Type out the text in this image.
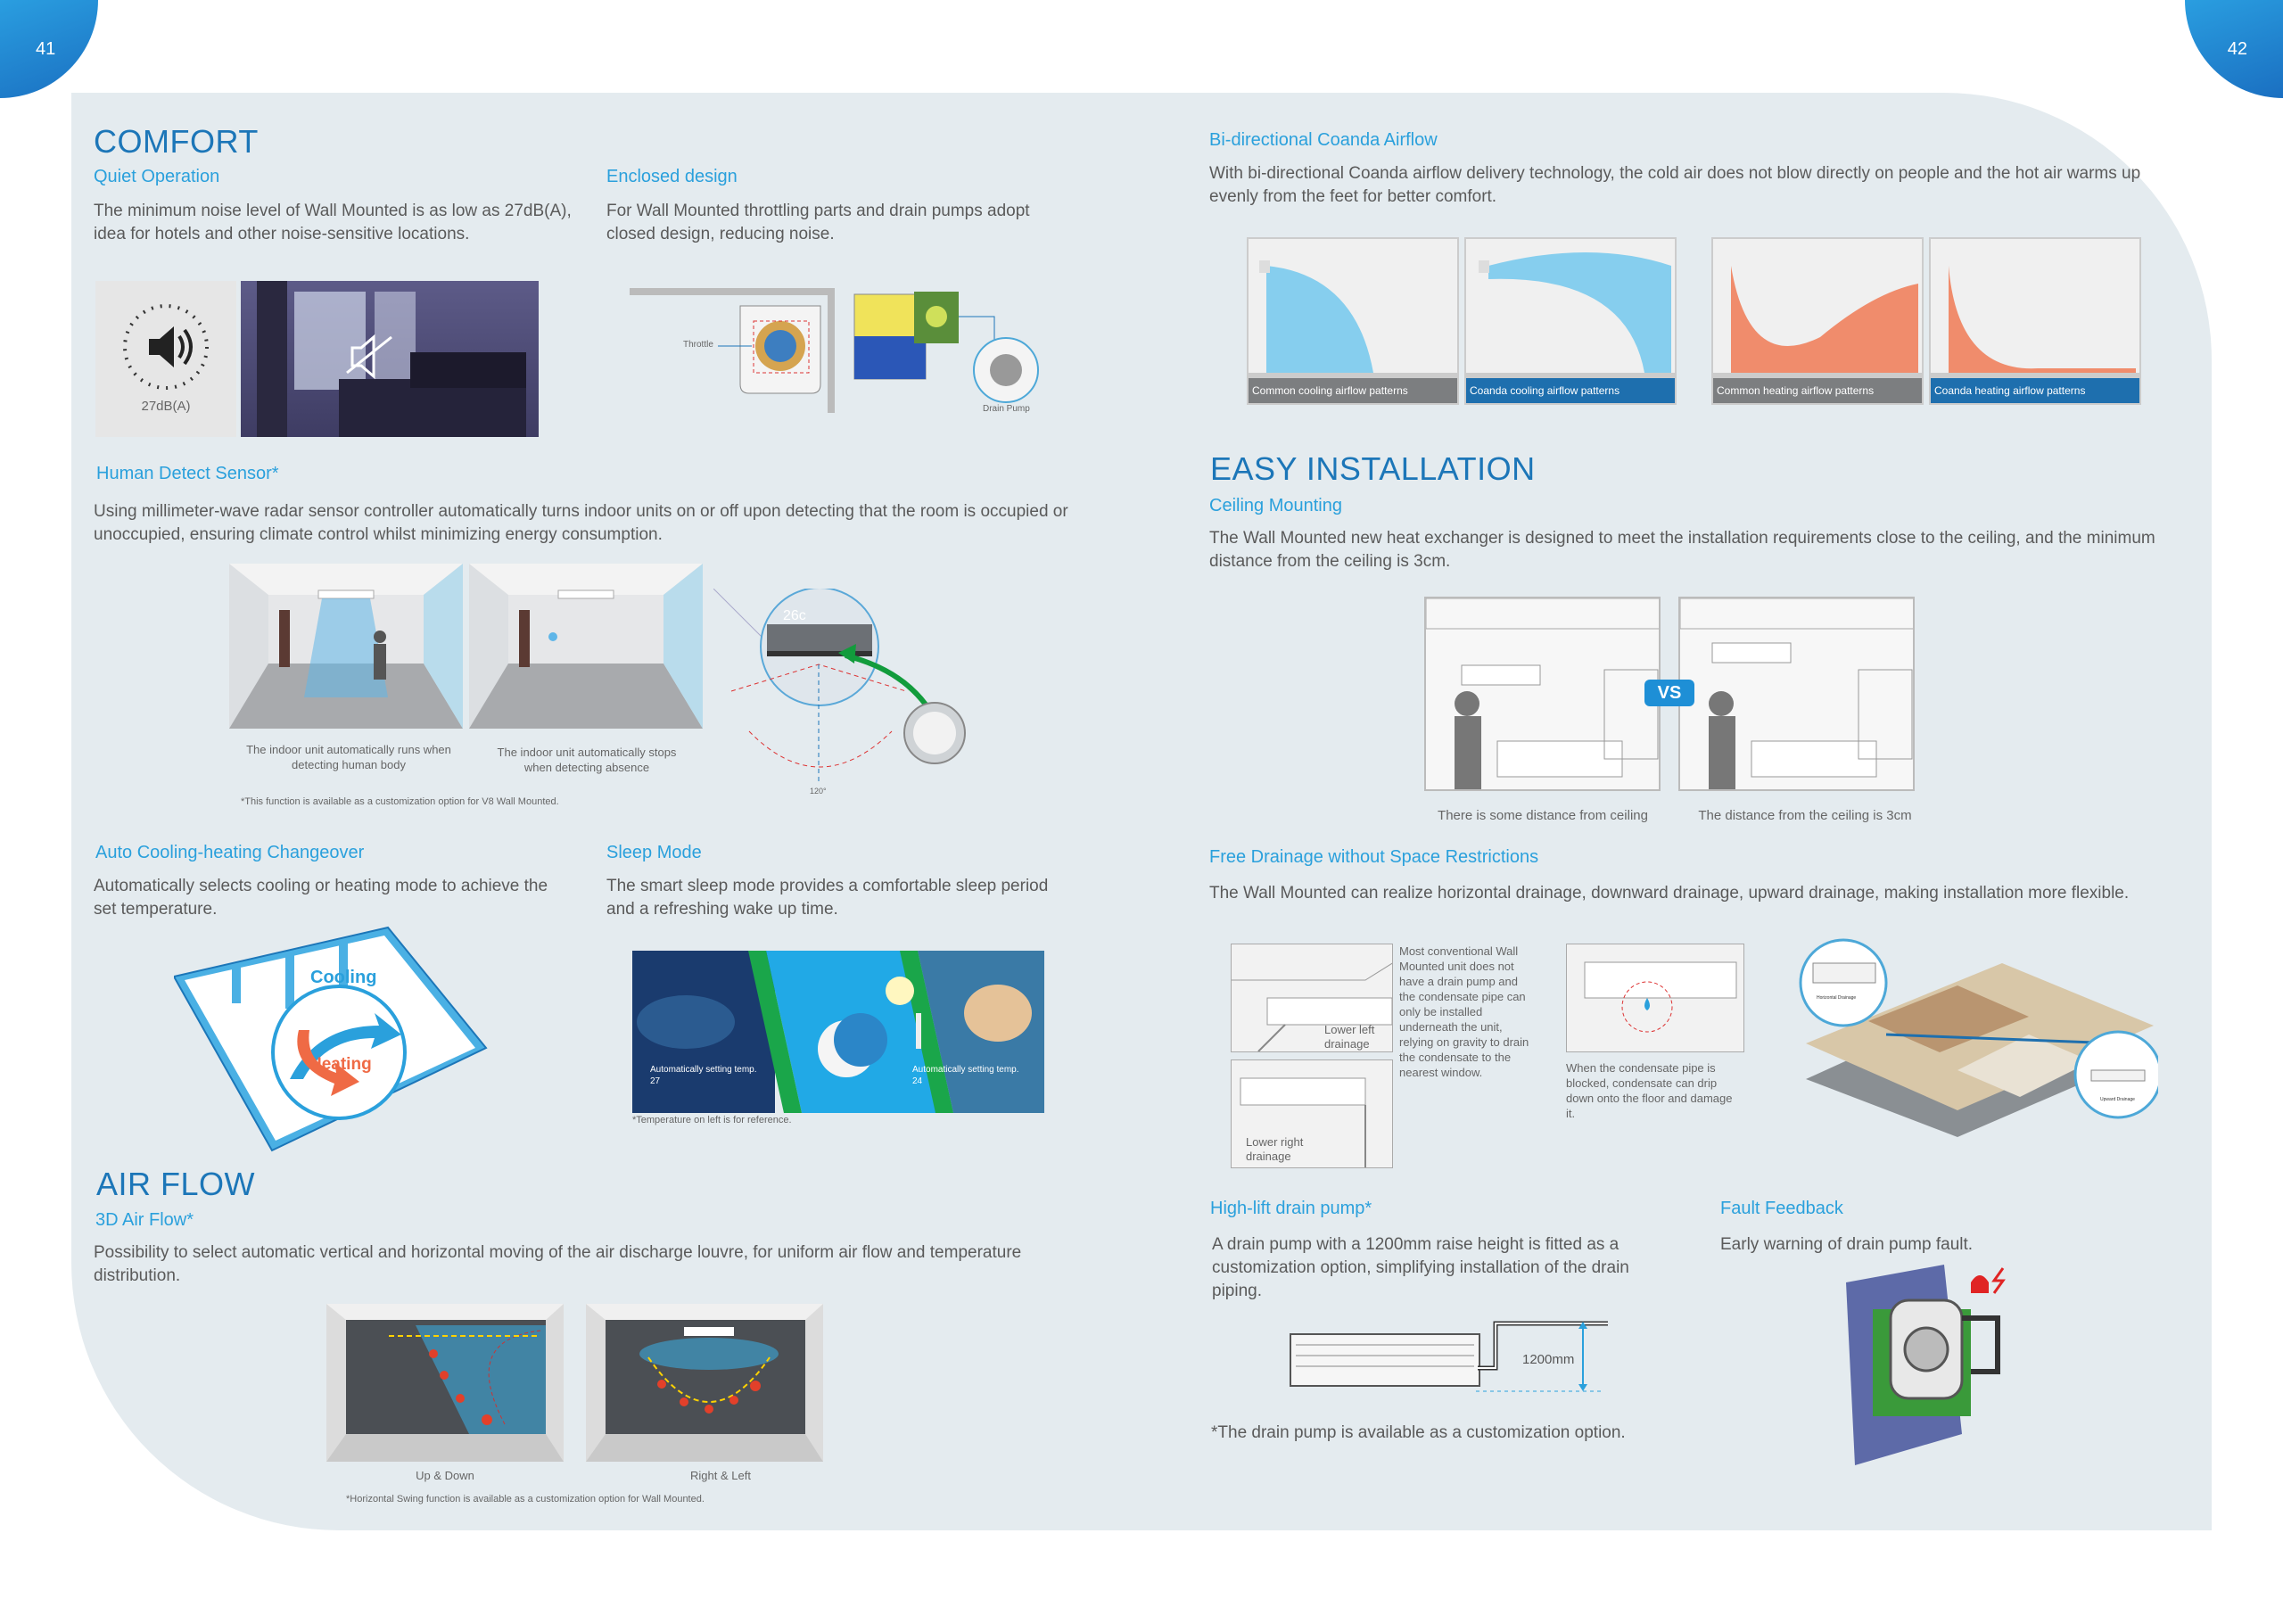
41	42
COMFORT
Quiet Operation
The minimum noise level of Wall Mounted is as low as 27dB(A), idea for hotels and other noise-sensitive locations.
27dB(A)
Enclosed design
For Wall Mounted throttling parts and drain pumps adopt closed design, reducing noise.
Throttle
Drain Pump
Human Detect Sensor*
Using millimeter-wave radar sensor controller automatically turns indoor units on or off upon detecting that the room is occupied or unoccupied, ensuring climate control whilst minimizing energy consumption.
The indoor unit automatically runs when detecting human body
The indoor unit automatically stops when detecting absence
26c
120°
*This function is available as a customization option for V8 Wall Mounted.
Auto Cooling-heating Changeover
Automatically selects cooling or heating mode to achieve the set temperature.
Cooling
Heating
Sleep Mode
The smart sleep mode provides a comfortable sleep period and a refreshing wake up time.
Automatically setting temp. 27
Automatically setting temp. 24
*Temperature on left is for reference.
AIR FLOW
3D Air Flow*
Possibility to select automatic vertical and horizontal moving of the air discharge louvre, for uniform air flow and temperature distribution.
Up & Down	Right & Left
*Horizontal Swing function is available as a customization option for Wall Mounted.
Bi-directional Coanda Airflow
With bi-directional Coanda airflow delivery technology, the cold air does not blow directly on people and the hot air warms up evenly from the feet for better comfort.
Common cooling airflow patterns	Coanda cooling airflow patterns	Common heating airflow patterns	Coanda heating airflow patterns
EASY INSTALLATION
Ceiling Mounting
The Wall Mounted new heat exchanger is designed to meet the installation requirements close to the ceiling, and the minimum distance from the ceiling is 3cm.
VS
There is some distance from ceiling	The distance from the ceiling is 3cm
Free Drainage without Space Restrictions
The Wall Mounted can realize horizontal drainage, downward drainage, upward drainage, making installation more flexible.
Lower left drainage
Lower right drainage
Most conventional Wall Mounted unit does not have a drain pump and the condensate pipe can only be installed underneath the unit, relying on gravity to drain the condensate to the nearest window.	When the condensate pipe is blocked, condensate can drip down onto the floor and damage it.
Horizontal Drainage
Upward Drainage
High-lift drain pump*
A drain pump with a 1200mm raise height is fitted as a customization option, simplifying installation of the drain piping.
1200mm
*The drain pump is available as a customization option.
Fault Feedback
Early warning of drain pump fault.
